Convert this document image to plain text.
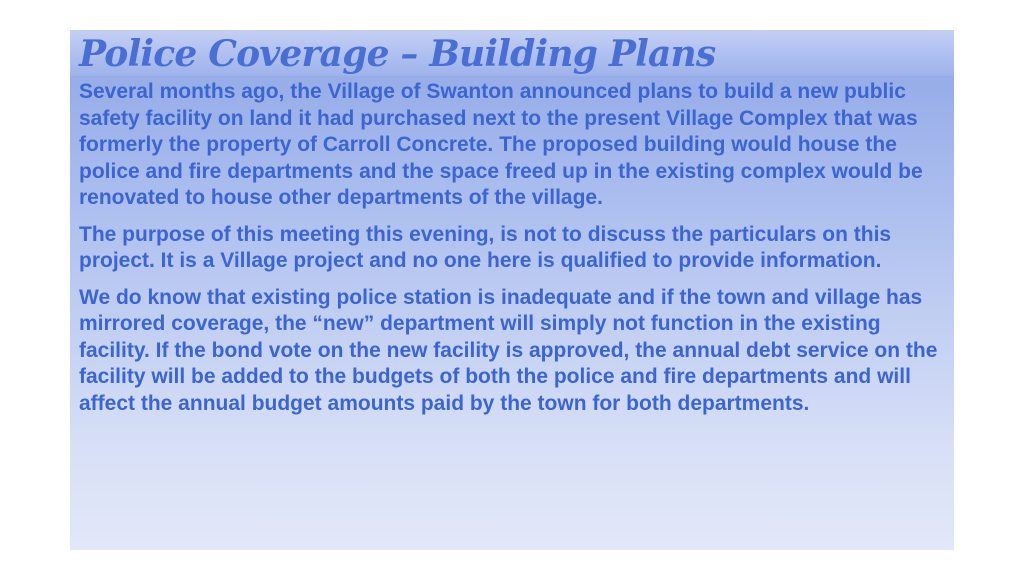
Police Coverage – Building Plans

Several months ago, the Village of Swanton announced plans to build a new public safety facility on land it had purchased next to the present Village Complex that was formerly the property of Carroll Concrete. The proposed building would house the police and fire departments and the space freed up in the existing complex would be renovated to house other departments of the village.

The purpose of this meeting this evening, is not to discuss the particulars on this project. It is a Village project and no one here is qualified to provide information.

We do know that existing police station is inadequate and if the town and village has mirrored coverage, the “new” department will simply not function in the existing facility. If the bond vote on the new facility is approved, the annual debt service on the facility will be added to the budgets of both the police and fire departments and will affect the annual budget amounts paid by the town for both departments.
